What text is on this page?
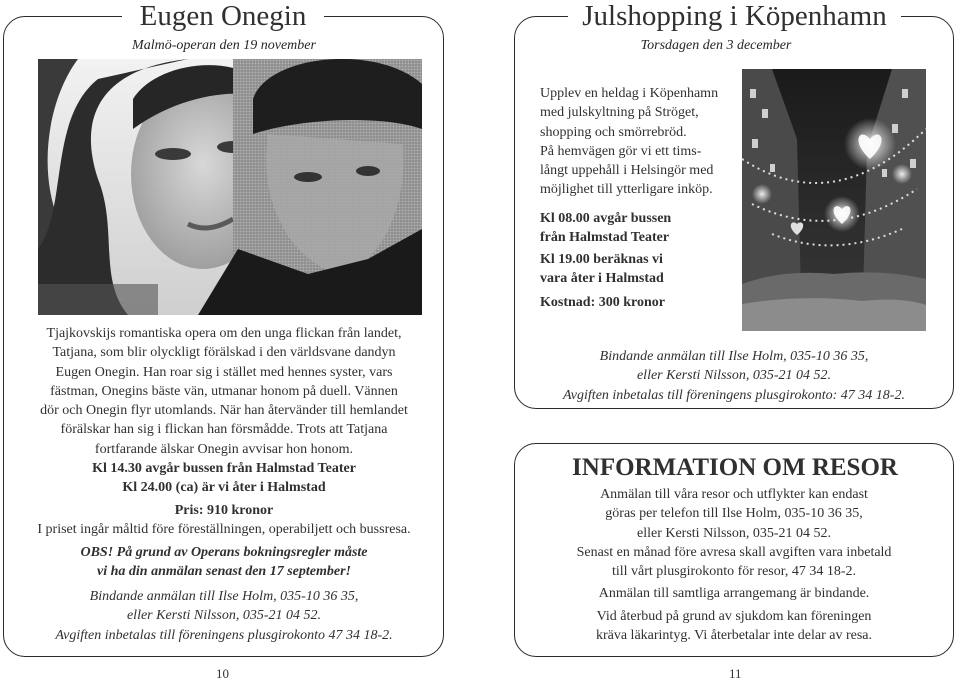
Eugen Onegin
Malmö-operan den 19 november
Tjajkovskijs romantiska opera om den unga flickan från landet,
Tatjana, som blir olyckligt förälskad i den världsvane dandyn
Eugen Onegin. Han roar sig i stället med hennes syster, vars
fästman, Onegins bäste vän, utmanar honom på duell. Vännen
dör och Onegin flyr utomlands. När han återvänder till hemlandet
förälskar han sig i flickan han försmådde. Trots att Tatjana
fortfarande älskar Onegin avvisar hon honom.
Kl 14.30 avgår bussen från Halmstad Teater
Kl 24.00 (ca) är vi åter i Halmstad
Pris: 910 kronor
I priset ingår måltid före föreställningen, operabiljett och bussresa.
OBS! På grund av Operans bokningsregler måste
vi ha din anmälan senast den 17 september!
Bindande anmälan till Ilse Holm, 035-10 36 35,
eller Kersti Nilsson, 035-21 04 52.
Avgiften inbetalas till föreningens plusgirokonto 47 34 18-2.
10
Julshopping i Köpenhamn
Torsdagen den 3 december
Upplev en heldag i Köpenhamn
med julskyltning på Ströget,
shopping och smörrebröd.
På hemvägen gör vi ett tims-
långt uppehåll i Helsingör med
möjlighet till ytterligare inköp.
Kl 08.00 avgår bussen
från Halmstad Teater
Kl 19.00 beräknas vi
vara åter i Halmstad
Kostnad: 300 kronor
Bindande anmälan till Ilse Holm, 035-10 36 35,
eller Kersti Nilsson, 035-21 04 52.
Avgiften inbetalas till föreningens plusgirokonto: 47 34 18-2.
INFORMATION OM RESOR
Anmälan till våra resor och utflykter kan endast
göras per telefon till Ilse Holm, 035-10 36 35,
eller Kersti Nilsson, 035-21 04 52.
Senast en månad före avresa skall avgiften vara inbetald
till vårt plusgirokonto för resor, 47 34 18-2.
Anmälan till samtliga arrangemang är bindande.
Vid återbud på grund av sjukdom kan föreningen
kräva läkarintyg. Vi återbetalar inte delar av resa.
11
